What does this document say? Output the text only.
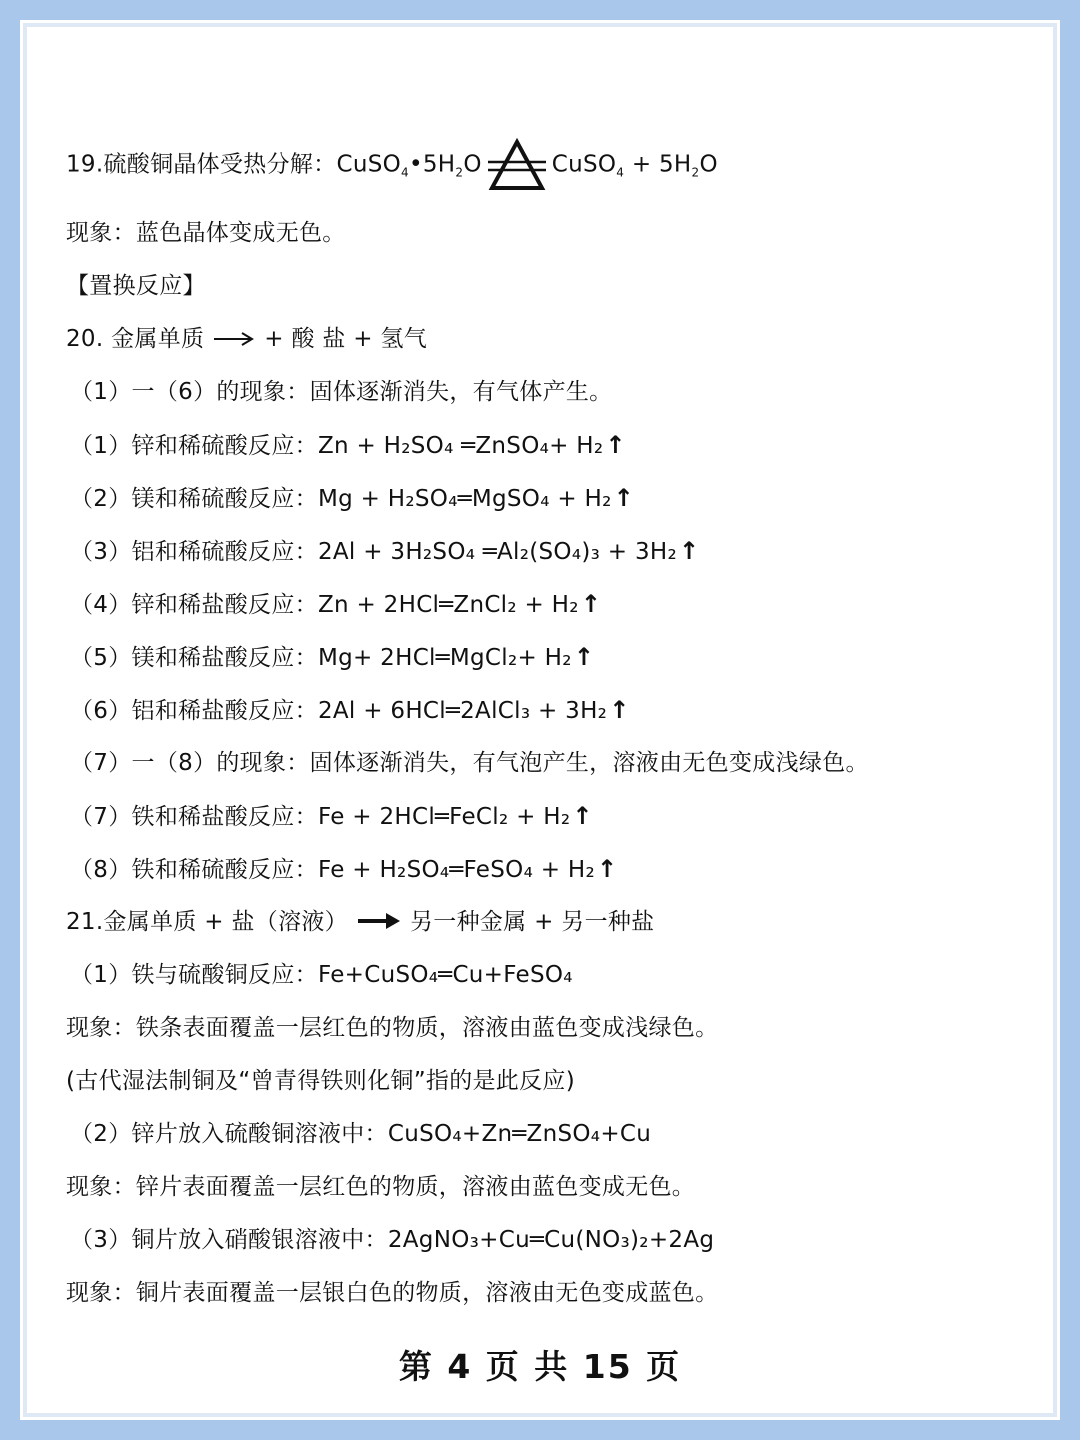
19.硫酸铜晶体受热分解：$CuSO_4•5H_2O$	CuSO$_4$ + $5H_2O$
现象：蓝色晶体变成无色。
【置换反应】
20. 金属单质	+ 酸 盐 + 氢气
（1）一（6）的现象：固体逐渐消失，有气体产生。
（1）锌和稀硫酸反应：Zn + H₂SO₄ ═ZnSO₄+ H₂↑
（2）镁和稀硫酸反应：Mg + H₂SO₄═MgSO₄ + H₂↑
（3）铝和稀硫酸反应：2Al + 3H₂SO₄ ═Al₂(SO₄)₃ + 3H₂↑
（4）锌和稀盐酸反应：Zn + 2HCl═ZnCl₂ + H₂↑
（5）镁和稀盐酸反应：Mg+ 2HCl═MgCl₂+ H₂↑
（6）铝和稀盐酸反应：2Al + 6HCl═2AlCl₃ + 3H₂↑
（7）一（8）的现象：固体逐渐消失，有气泡产生，溶液由无色变成浅绿色。
（7）铁和稀盐酸反应：Fe + 2HCl═FeCl₂ + H₂↑
（8）铁和稀硫酸反应：Fe + H₂SO₄═FeSO₄ + H₂↑
21.金属单质 + 盐（溶液）	另一种金属 + 另一种盐
（1）铁与硫酸铜反应：Fe+CuSO₄═Cu+FeSO₄
现象：铁条表面覆盖一层红色的物质，溶液由蓝色变成浅绿色。
(古代湿法制铜及“曾青得铁则化铜”指的是此反应)
（2）锌片放入硫酸铜溶液中：CuSO₄+Zn═ZnSO₄+Cu
现象：锌片表面覆盖一层红色的物质，溶液由蓝色变成无色。
（3）铜片放入硝酸银溶液中：2AgNO₃+Cu═Cu(NO₃)₂+2Ag
现象：铜片表面覆盖一层银白色的物质，溶液由无色变成蓝色。
第 4 页 共 15 页
